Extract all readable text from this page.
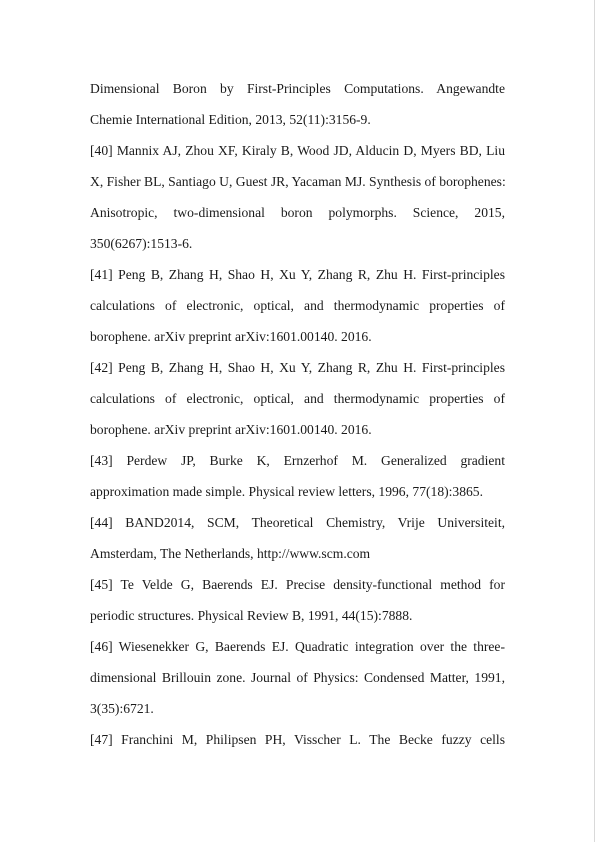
Dimensional Boron by First-Principles Computations. Angewandte
Chemie International Edition, 2013, 52(11):3156-9.
[40] Mannix AJ, Zhou XF, Kiraly B, Wood JD, Alducin D, Myers BD, Liu
X, Fisher BL, Santiago U, Guest JR, Yacaman MJ. Synthesis of borophenes:
Anisotropic, two-dimensional boron polymorphs. Science, 2015,
350(6267):1513-6.
[41] Peng B, Zhang H, Shao H, Xu Y, Zhang R, Zhu H. First-principles
calculations of electronic, optical, and thermodynamic properties of
borophene. arXiv preprint arXiv:1601.00140. 2016.
[42] Peng B, Zhang H, Shao H, Xu Y, Zhang R, Zhu H. First-principles
calculations of electronic, optical, and thermodynamic properties of
borophene. arXiv preprint arXiv:1601.00140. 2016.
[43] Perdew JP, Burke K, Ernzerhof M. Generalized gradient
approximation made simple. Physical review letters, 1996, 77(18):3865.
[44] BAND2014, SCM, Theoretical Chemistry, Vrije Universiteit,
Amsterdam, The Netherlands, http://www.scm.com
[45] Te Velde G, Baerends EJ. Precise density-functional method for
periodic structures. Physical Review B, 1991, 44(15):7888.
[46] Wiesenekker G, Baerends EJ. Quadratic integration over the three-
dimensional Brillouin zone. Journal of Physics: Condensed Matter, 1991,
3(35):6721.
[47] Franchini M, Philipsen PH, Visscher L. The Becke fuzzy cells
